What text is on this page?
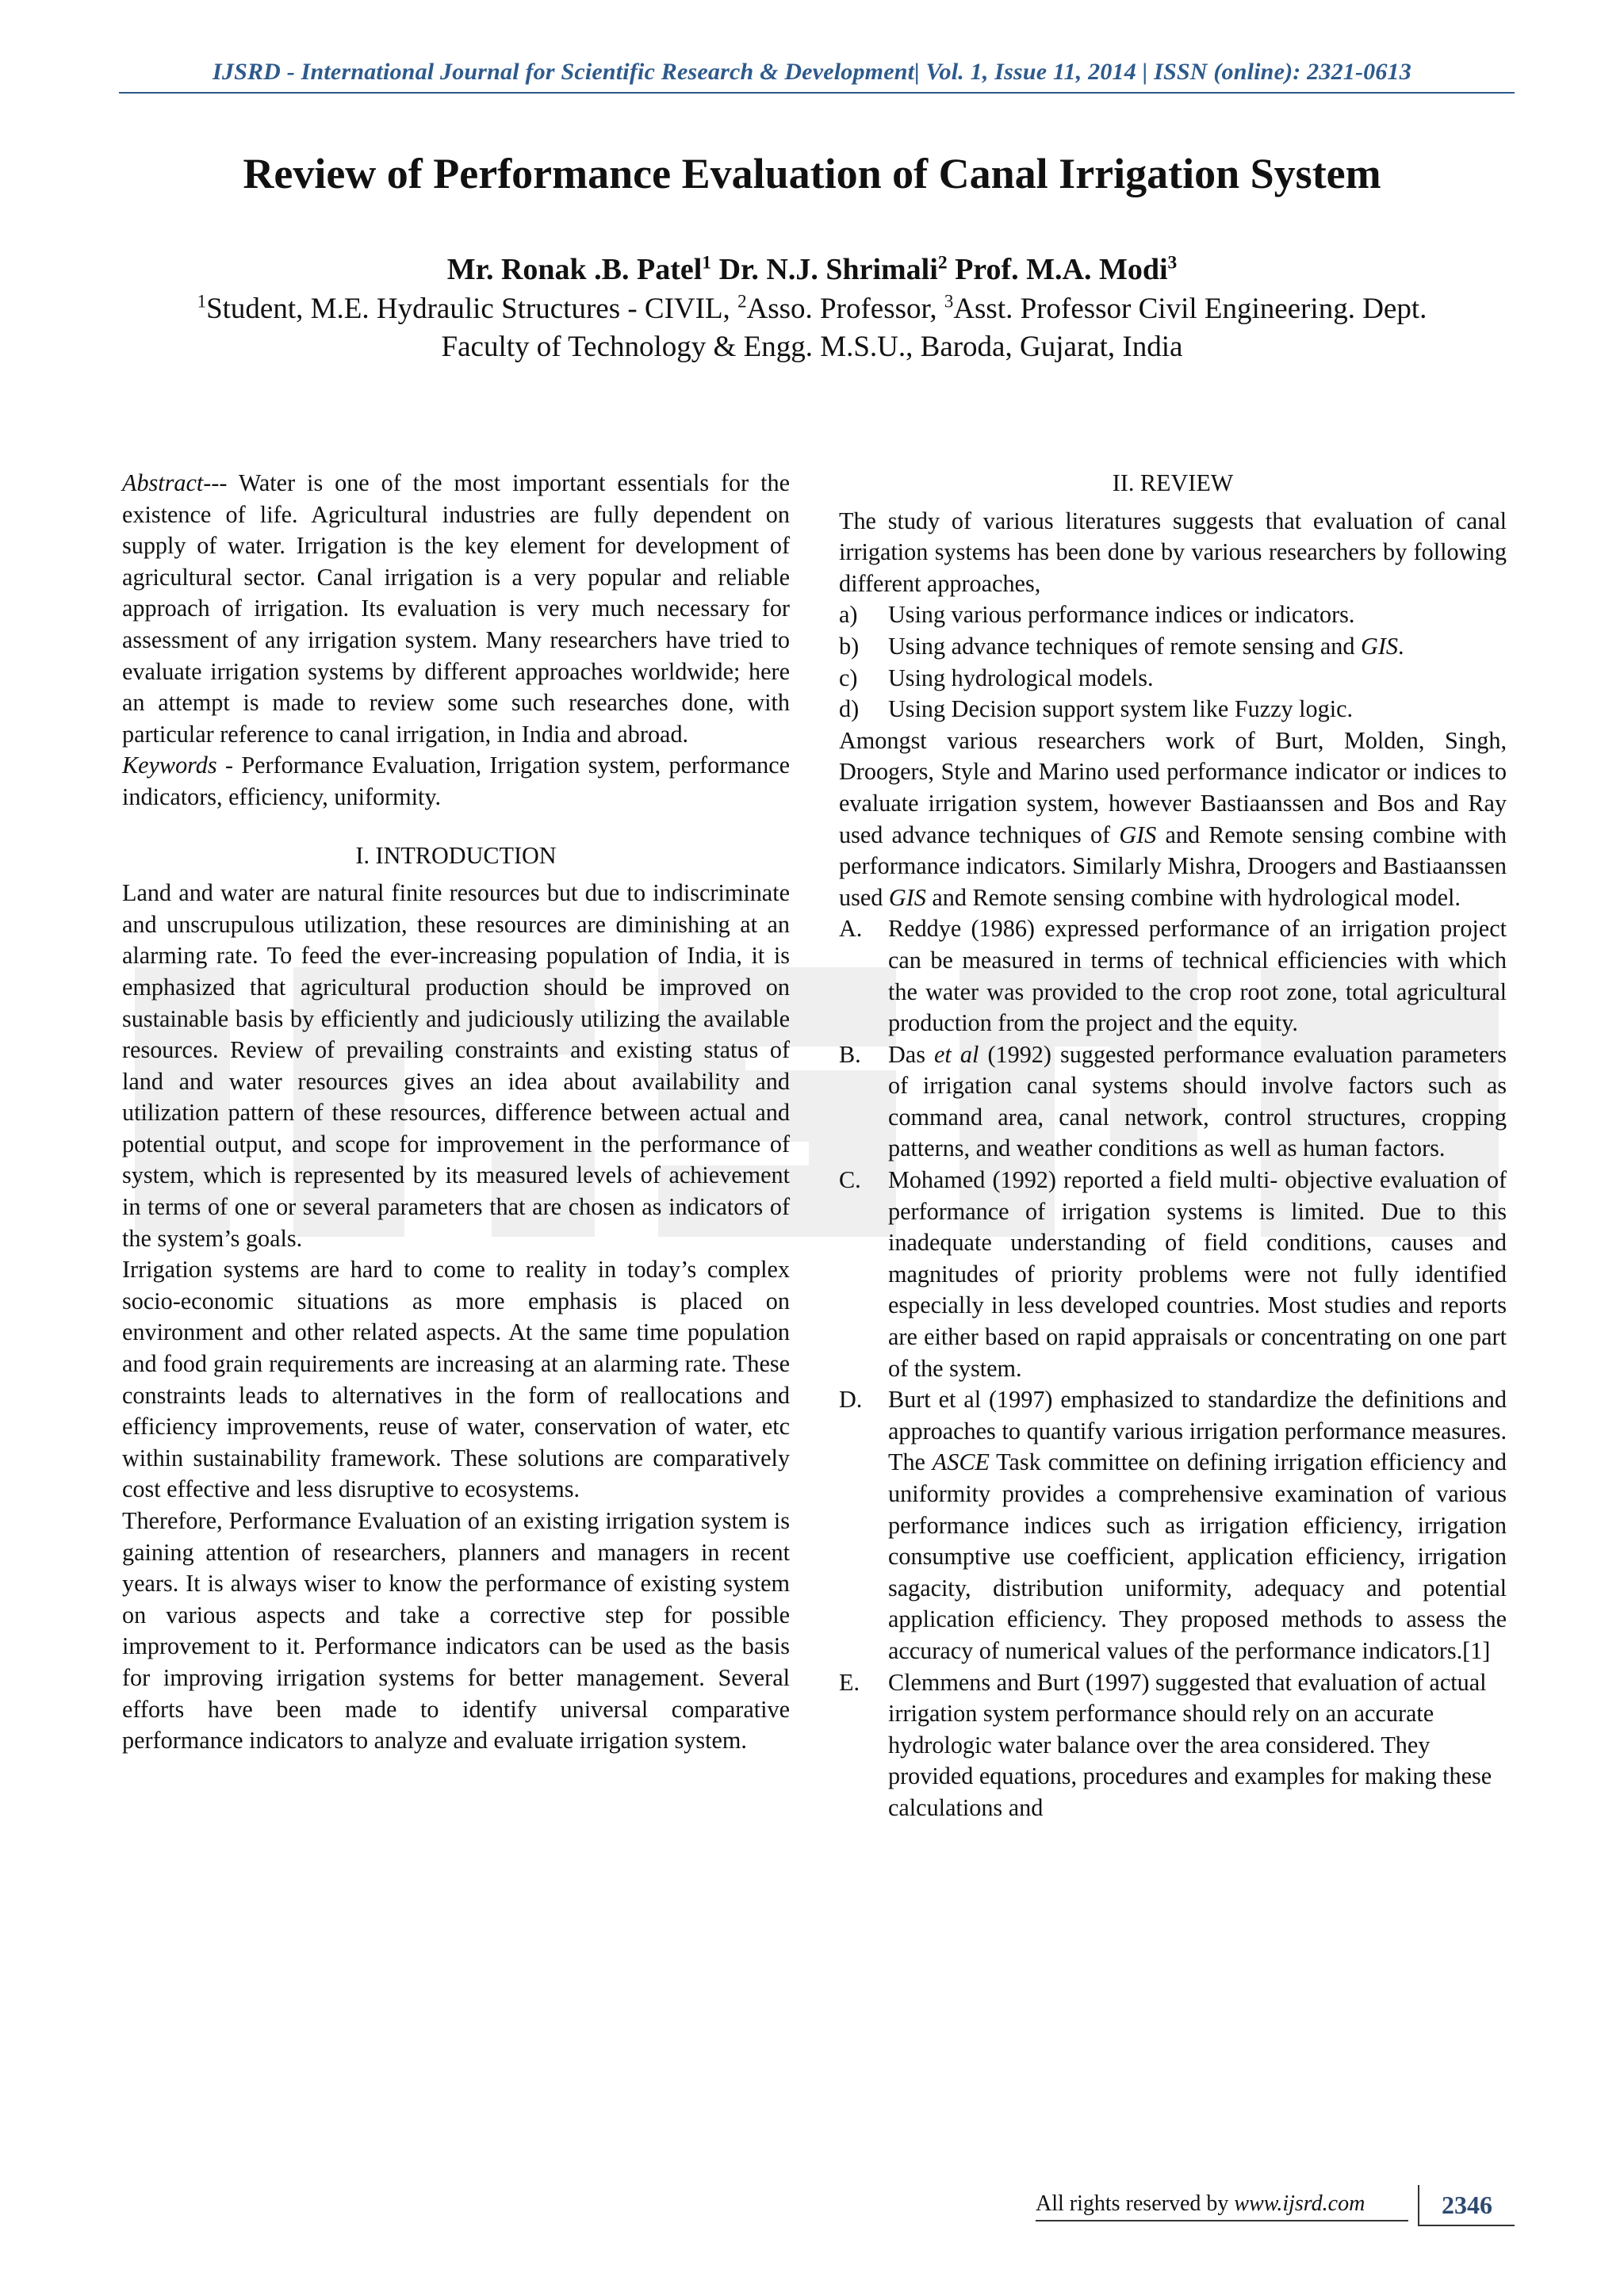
IJSRD - International Journal for Scientific Research & Development| Vol. 1, Issue 11, 2014 | ISSN (online): 2321-0613
Review of Performance Evaluation of Canal Irrigation System
Mr. Ronak .B. Patel$^1$ Dr. N.J. Shrimali$^2$ Prof. M.A. Modi$^3$
$^1$Student, M.E. Hydraulic Structures - CIVIL, $^2$Asso. Professor, $^3$Asst. Professor Civil Engineering. Dept.
Faculty of Technology & Engg. M.S.U., Baroda, Gujarat, India

Abstract--- Water is one of the most important essentials for the existence of life. Agricultural industries are fully dependent on supply of water. Irrigation is the key element for development of agricultural sector. Canal irrigation is a very popular and reliable approach of irrigation. Its evaluation is very much necessary for assessment of any irrigation system. Many researchers have tried to evaluate irrigation systems by different approaches worldwide; here an attempt is made to review some such researches done, with particular reference to canal irrigation, in India and abroad.

Keywords - Performance Evaluation, Irrigation system, performance indicators, efficiency, uniformity.

I. INTRODUCTION

Land and water are natural finite resources but due to indiscriminate and unscrupulous utilization, these resources are diminishing at an alarming rate. To feed the ever-increasing population of India, it is emphasized that agricultural production should be improved on sustainable basis by efficiently and judiciously utilizing the available resources. Review of prevailing constraints and existing status of land and water resources gives an idea about availability and utilization pattern of these resources, difference between actual and potential output, and scope for improvement in the performance of system, which is represented by its measured levels of achievement in terms of one or several parameters that are chosen as indicators of the system’s goals.

Irrigation systems are hard to come to reality in today’s complex socio-economic situations as more emphasis is placed on environment and other related aspects. At the same time population and food grain requirements are increasing at an alarming rate. These constraints leads to alternatives in the form of reallocations and efficiency improvements, reuse of water, conservation of water, etc within sustainability framework. These solutions are comparatively cost effective and less disruptive to ecosystems.

Therefore, Performance Evaluation of an existing irrigation system is gaining attention of researchers, planners and managers in recent years. It is always wiser to know the performance of existing system on various aspects and take a corrective step for possible improvement to it. Performance indicators can be used as the basis for improving irrigation systems for better management. Several efforts have been made to identify universal comparative performance indicators to analyze and evaluate irrigation system.

II. REVIEW

The study of various literatures suggests that evaluation of canal irrigation systems has been done by various researchers by following different approaches,

a)	Using various performance indices or indicators.
b)	Using advance techniques of remote sensing and GIS.
c)	Using hydrological models.
d)	Using Decision support system like Fuzzy logic.

Amongst various researchers work of Burt, Molden, Singh, Droogers, Style and Marino used performance indicator or indices to evaluate irrigation system, however Bastiaanssen and Bos and Ray used advance techniques of GIS and Remote sensing combine with performance indicators. Similarly Mishra, Droogers and Bastiaanssen used GIS and Remote sensing combine with hydrological model.

A.	Reddye (1986) expressed performance of an irrigation project can be measured in terms of technical efficiencies with which the water was provided to the crop root zone, total agricultural production from the project and the equity.
B.	Das et al (1992) suggested performance evaluation parameters of irrigation canal systems should involve factors such as command area, canal network, control structures, cropping patterns, and weather conditions as well as human factors.
C.	Mohamed (1992) reported a field multi- objective evaluation of performance of irrigation systems is limited. Due to this inadequate understanding of field conditions, causes and magnitudes of priority problems were not fully identified especially in less developed countries. Most studies and reports are either based on rapid appraisals or concentrating on one part of the system.
D.	Burt et al (1997) emphasized to standardize the definitions and approaches to quantify various irrigation performance measures. The ASCE Task committee on defining irrigation efficiency and uniformity provides a comprehensive examination of various performance indices such as irrigation efficiency, irrigation consumptive use coefficient, application efficiency, irrigation sagacity, distribution uniformity, adequacy and potential application efficiency. They proposed methods to assess the accuracy of numerical values of the performance indicators.[1]
E.	Clemmens and Burt (1997) suggested that evaluation of actual irrigation system performance should rely on an accurate hydrologic water balance over the area considered. They provided equations, procedures and examples for making these calculations and
All rights reserved by www.ijsrd.com	2346
